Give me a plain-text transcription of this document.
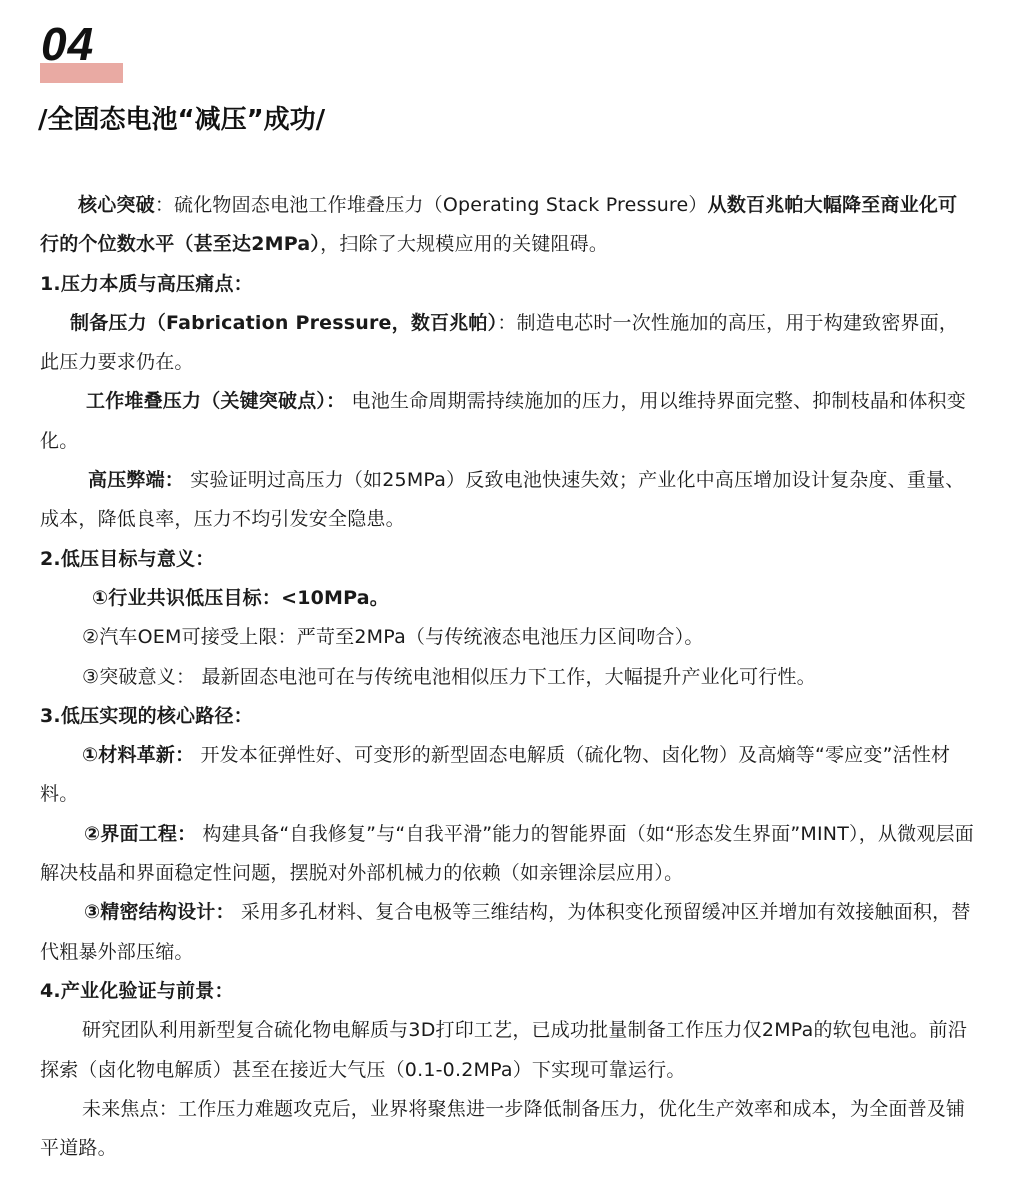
04
/全固态电池“减压”成功/

核心突破：硫化物固态电池工作堆叠压力（Operating Stack Pressure）从数百兆帕大幅降至商业化可行的个位数水平（甚至达2MPa），扫除了大规模应用的关键阻碍。

1.压力本质与高压痛点：

制备压力（Fabrication Pressure，数百兆帕）：制造电芯时一次性施加的高压，用于构建致密界面，此压力要求仍在。

工作堆叠压力（关键突破点）： 电池生命周期需持续施加的压力，用以维持界面完整、抑制枝晶和体积变化。

高压弊端： 实验证明过高压力（如25MPa）反致电池快速失效；产业化中高压增加设计复杂度、重量、成本，降低良率，压力不均引发安全隐患。

2.低压目标与意义：

①行业共识低压目标：<10MPa。

②汽车OEM可接受上限：严苛至2MPa（与传统液态电池压力区间吻合）。

③突破意义： 最新固态电池可在与传统电池相似压力下工作，大幅提升产业化可行性。

3.低压实现的核心路径：

①材料革新： 开发本征弹性好、可变形的新型固态电解质（硫化物、卤化物）及高熵等“零应变”活性材料。

②界面工程： 构建具备“自我修复”与“自我平滑”能力的智能界面（如“形态发生界面”MINT），从微观层面解决枝晶和界面稳定性问题，摆脱对外部机械力的依赖（如亲锂涂层应用）。

③精密结构设计： 采用多孔材料、复合电极等三维结构，为体积变化预留缓冲区并增加有效接触面积，替代粗暴外部压缩。

4.产业化验证与前景：

研究团队利用新型复合硫化物电解质与3D打印工艺，已成功批量制备工作压力仅2MPa的软包电池。前沿探索（卤化物电解质）甚至在接近大气压（0.1-0.2MPa）下实现可靠运行。

未来焦点：工作压力难题攻克后，业界将聚焦进一步降低制备压力，优化生产效率和成本，为全面普及铺平道路。
